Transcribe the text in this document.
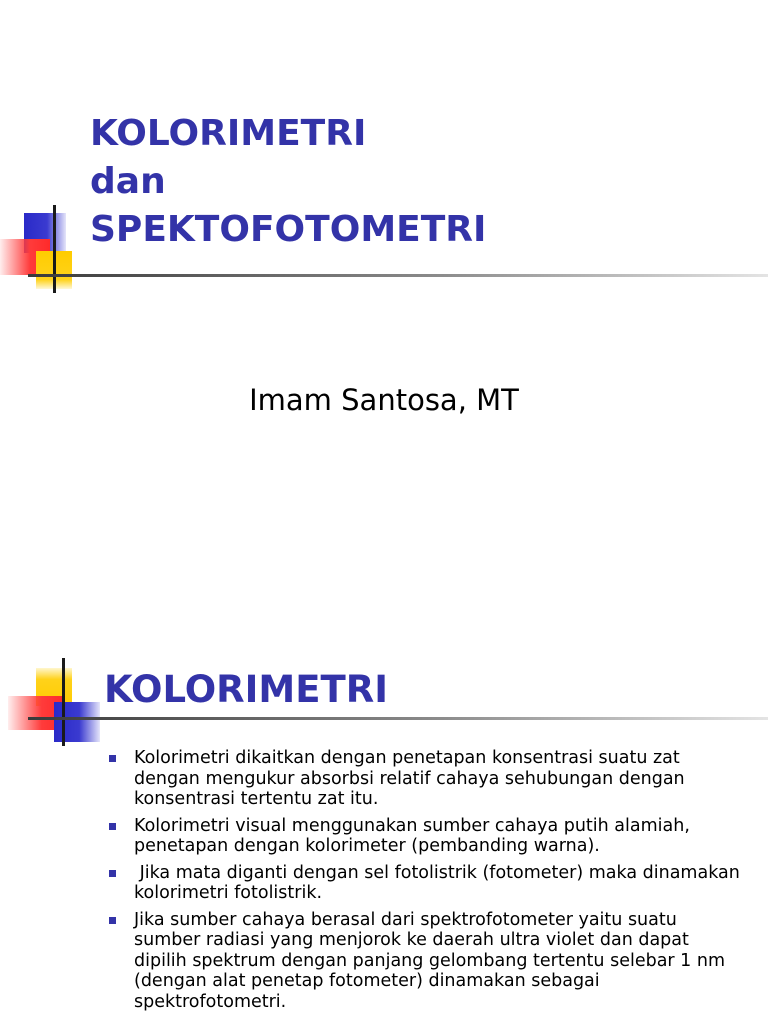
KOLORIMETRI
dan
SPEKTOFOTOMETRI

Imam Santosa, MT

KOLORIMETRI
Kolorimetri dikaitkan dengan penetapan konsentrasi suatu zat dengan mengukur absorbsi relatif cahaya sehubungan dengan konsentrasi tertentu zat itu.
Kolorimetri visual menggunakan sumber cahaya putih alamiah, penetapan dengan kolorimeter (pembanding warna).
Jika mata diganti dengan sel fotolistrik (fotometer) maka dinamakan kolorimetri fotolistrik.
Jika sumber cahaya berasal dari spektrofotometer yaitu suatu sumber radiasi yang menjorok ke daerah ultra violet dan dapat dipilih spektrum dengan panjang gelombang tertentu selebar 1 nm (dengan alat penetap fotometer) dinamakan sebagai spektrofotometri.
